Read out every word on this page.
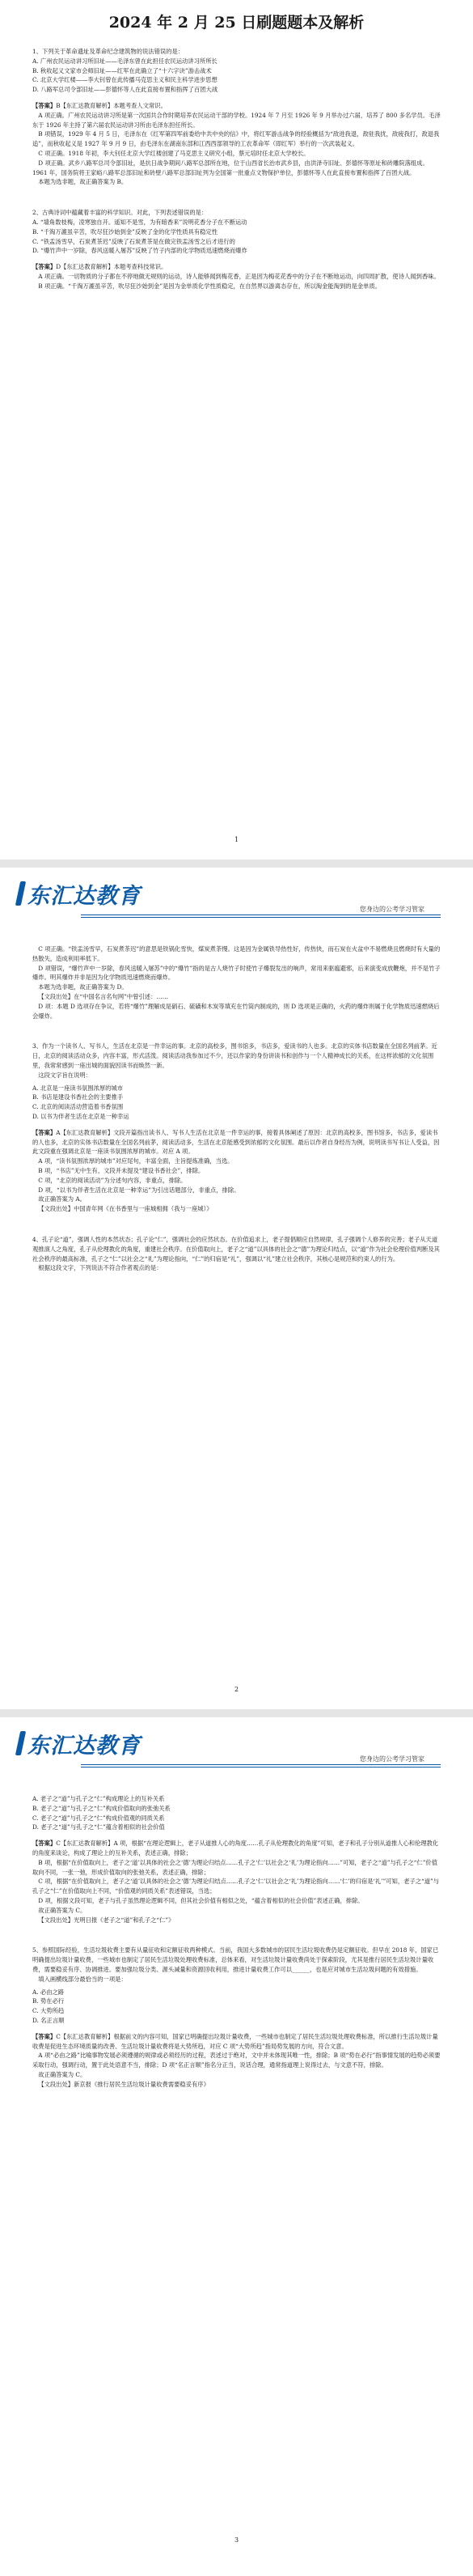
2024 年 2 月 25 日刷题题本及解析
1、下列关于革命遗址及革命纪念建筑物的说法错误的是：
A. 广州农民运动讲习所旧址——毛泽东曾在此担任农民运动讲习所所长
B. 秋收起义文家市会师旧址——红军在此确立了“十六字诀”游击战术
C. 北京大学红楼——李大钊曾在此传播马克思主义和民主科学进步思想
D. 八路军总司令部旧址——彭德怀等人在此直接布置和指挥了百团大战
【答案】B【东汇达教育解析】本题考查人文常识。
A 项正确。广州农民运动讲习所是第一次国共合作时期培养农民运动干部的学校。1924 年 7 月至 1926 年 9 月举办过六届，培养了 800 多名学员。毛泽东于 1926 年主持了第六届农民运动讲习所由毛泽东担任所长。
B 项错误，1929 年 4 月 5 日，毛泽东在《红军第四军前委给中共中央的信》中，将红军游击战争的经验概括为“敌进我退，敌驻我扰，敌疲我打，敌退我追”，而秋收起义是 1927 年 9 月 9 日，由毛泽东在湖南东部和江西西部领导的工农革命军（即红军）举行的一次武装起义。
C 项正确。1918 年初，李大钊任北京大学红楼创建了马克思主义研究小组，蔡元培时任北京大学校长。
D 项正确。武乡八路军总司令部旧址，是抗日战争期间八路军总部所在地，位于山西省长治市武乡县，由洪泽寺旧址、彭德怀等原址和砖雕院落组成。1961 年，国务院将王家峪八路军总部旧址和砖壁八路军总部旧址列为全国第一批重点文物保护单位，彭德怀等人在此直接布置和指挥了百团大战。
本题为选非题，故正确答案为 B。
2、古典诗词中蕴藏着丰富的科学知识。对此，下列表述错误的是：
A. “墙角数枝梅，凌寒独自开。遥知不是雪，为有暗香来”说明花香分子在不断运动
B. “千淘万漉虽辛苦，吹尽狂沙始到金”反映了金的化学性质具有稳定性
C. “铁盂汤雪早，石炭煮茶迟”反映了石炭煮茶是在做完铁盂汤雪之后才进行的
D. “爆竹声中一岁除，春风送暖入屠苏”反映了竹子内部的化学物质迅速燃烧而爆炸
【答案】D【东汇达教育解析】本题考查科技常识。
A 项正确。一切物质的分子都在不停地做无规则的运动，诗人能够闻到梅花香，正是因为梅花花香中的分子在不断地运动，向四周扩散，使诗人闻到香味。
B 项正确。“千淘万漉虽辛苦，吹尽狂沙始到金”是因为金单质化学性质稳定，在自然界以游离态存在，所以淘金能淘到的是金单质。
1
东汇达教育
您身边的公考学习管家
C 项正确。“铁盂汤雪早，石炭煮茶迟”的意思是铁锅化雪快，煤炭煮茶慢。这是因为金属铁导热性好，传热快，而石炭在火盆中不易燃烧且燃烧时有大量的热散失，造成利用率低下。
D 项错误，“爆竹声中一岁除，春风送暖入屠苏”中的“爆竹”指的是古人烧竹子时使竹子爆裂发出的响声，常用来驱瘟避邪，后来演变成放鞭炮，并不是竹子爆炸。明其爆炸并非是因为化学物质迅速燃烧而爆炸。
本题为选非题，故正确答案为 D。
【文段出处】在“中国名言名句网”中曾引述：……
D 项：本题 D 选项存在争议，若将“爆竹”理解成是硝石、硫磺和木炭等填充在竹筒内制成的，则 D 选项是正确的，火药的爆炸则属于化学物质迅速燃烧后会爆炸。
3、作为一个读书人、写书人，生活在北京是一件幸运的事。北京的高校多，图书馆多，书店多，爱读书的人也多。北京的实体书店数量在全国名列前茅。近日，北京的阅读活动众多，内容丰富，形式活泼。阅读活动我参加过不少，还以作家的身份讲读书和创作与一个人精神成长的关系，在这样浓郁的文化氛围里，我常常感到一座出城的面貌因读书而焕然一新。
这段文字旨在说明：
A. 北京是一座读书氛围浓厚的城市
B. 书店是建设书香社会的主要推手
C. 北京的阅读活动营造着书香氛围
D. 以书为伴者生活在北京是一种幸运
【答案】A【东汇达教育解析】文段开篇指出读书人、写书人生活在北京是一件幸运的事，接着具体阐述了原因：北京的高校多，图书馆多，书店多，爱读书的人也多，北京的实体书店数量在全国名列前茅，阅读活动多，生活在北京能感受到浓郁的文化氛围。最后以作者自身经历为例，说明读书写书让人受益，因此文段重在强调北京是一座读书氛围浓厚的城市。对应 A 项。
A 项，“读书氛围浓厚的城市”对应尾句，丰富全面，主旨提炼准确，当选。
B 项，“书店”无中生有，文段并未提及“建设书香社会”，排除。
C 项，“北京的阅读活动”为分述句内容，非重点，排除。
D 项，“以书为伴者生活在北京是一种幸运”为引出话题部分，非重点，排除。
故正确答案为 A。
【文段出处】中国青年网《在书香里与一座城相拥（我与一座城）》
4、孔子论“道”，强调人性的本然状态；孔子论“仁”，强调社会的应然状态。在价值追求上，老子提倡顺应自然规律，孔子强调个人修养的完善；老子从天道观推演人之角度，孔子从伦理教化的角度，重建社会秩序。在价值取向上，老子之“道”以具体的社会之“德”为理论归结点，以“道”作为社会伦理价值判断及其社会秩序的最高标准，孔子之“仁”以社会之“礼”为理论指向，“仁”的归宿是“礼”，强调以“礼”建立社会秩序，其核心是规范和约束人的行为。
根据这段文字，下列说法不符合作者观点的是：
2
东汇达教育
您身边的公考学习管家
A. 老子之“道”与孔子之“仁”构成理论上的互补关系
B. 老子之“道”与孔子之“仁”构成价值取向的张弛关系
C. 老子之“道”与孔子之“仁”构成价值观的同质关系
D. 老子之“道”与孔子之“仁”蕴含着相似的社会价值
【答案】C【东汇达教育解析】A 项，根据“在理论逻辑上，老子从道推人心的角度……孔子从伦理教化的角度”可知，老子和孔子分别从道推人心和伦理教化的角度来谈论，构成了理论上的互补关系，表述正确，排除；
B 项，根据“在价值取向上，老子之‘道’以具体的社会之‘德’为理论归结点……孔子之‘仁’以社会之‘礼’为理论指向……”可知，老子之“道”与孔子之“仁”价值取向不同，一张一弛，形成价值取向的张弛关系，表述正确，排除；
C 项，根据“在价值取向上，老子之‘道’以具体的社会之‘德’为理论归结点……孔子之‘仁’以社会之‘礼’为理论指向……‘仁’的归宿是‘礼’”可知，老子之“道”与孔子之“仁”在价值取向上不同，“价值观的同质关系”表述错误，当选；
D 项，根据文段可知，老子与孔子虽然理论逻辑不同，但其社会价值有相似之处，“蕴含着相似的社会价值”表述正确，排除。
故正确答案为 C。
【文段出处】光明日报《老子之“道”和孔子之“仁”》
5、参照国际经验，生活垃圾收费主要有从量征收和定额征收两种模式。当前，我国大多数城市的居民生活垃圾收费仍是定额征收。但早在 2018 年，国家已明确提出垃圾计量收费，一些城市也制定了居民生活垃圾处理收费标准，总体来看，对生活垃圾计量收费尚处于探索阶段，尤其是推行居民生活垃圾计量收费，需要稳妥有序、协调推进。要加强垃圾分类、源头减量和资源回收利用，推进计量收费工作可以______，也是应对城市生活垃圾问题的有效措施。
填入画横线部分最恰当的一项是：
A. 必由之路
B. 势在必行
C. 大势所趋
D. 名正言顺
【答案】C【东汇达教育解析】根据前文的内容可知，国家已明确提出垃圾计量收费，一些城市也制定了居民生活垃圾处理收费标准，所以推行生活垃圾计量收费是促进生态环境质量的改善、生活垃圾计量收费将是大势所趋，对应 C 项“大势所趋”指局势发展的方向，符合文意。
A 项“必由之路”比喻事物发展必须遵循的规律或必须经历的过程，表述过于绝对，文中并未体现其唯一性，排除；B 项“势在必行”指事情发展的趋势必须要采取行动，强调行动，置于此处语意不当，排除；D 项“名正言顺”指名分正当，说话合理，通常指道理上说得过去，与文意不符，排除。
故正确答案为 C。
【文段出处】新京报《推行居民生活垃圾计量收费需要稳妥有序》
3
